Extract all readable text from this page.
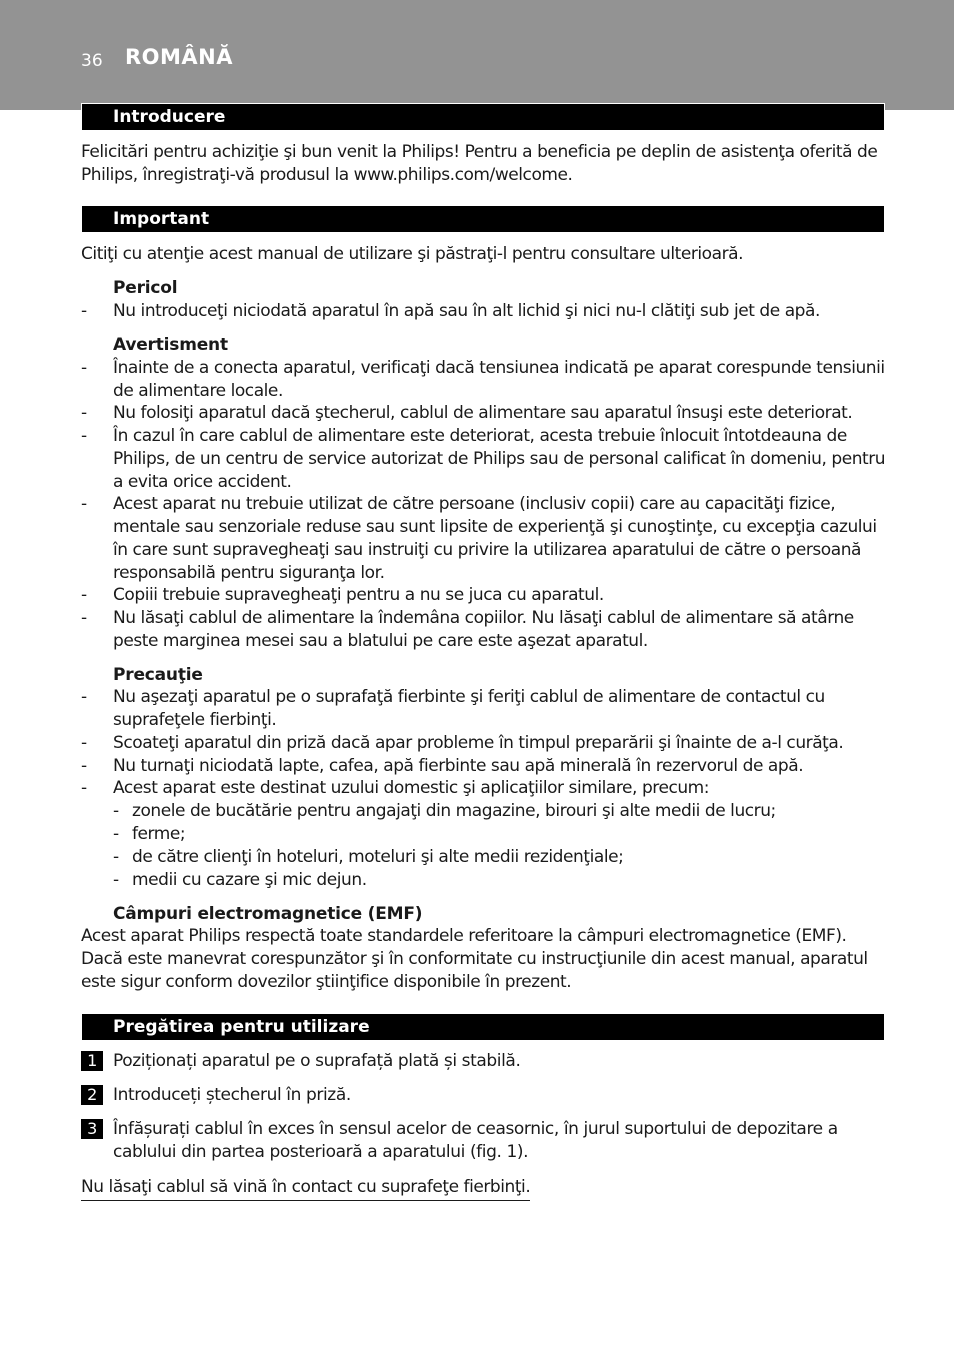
36 ROMÂNĂ
Introducere
Felicitări pentru achiziţie şi bun venit la Philips! Pentru a beneficia pe deplin de asistenţa oferită de Philips, înregistraţi-vă produsul la www.philips.com/welcome.
Important
Citiţi cu atenţie acest manual de utilizare şi păstraţi-l pentru consultare ulterioară.
Pericol
- Nu introduceţi niciodată aparatul în apă sau în alt lichid şi nici nu-l clătiţi sub jet de apă.
Avertisment
- Înainte de a conecta aparatul, verificaţi dacă tensiunea indicată pe aparat corespunde tensiunii de alimentare locale.
- Nu folosiţi aparatul dacă ştecherul, cablul de alimentare sau aparatul însuşi este deteriorat.
- În cazul în care cablul de alimentare este deteriorat, acesta trebuie înlocuit întotdeauna de Philips, de un centru de service autorizat de Philips sau de personal calificat în domeniu, pentru a evita orice accident.
- Acest aparat nu trebuie utilizat de către persoane (inclusiv copii) care au capacităţi fizice, mentale sau senzoriale reduse sau sunt lipsite de experienţă şi cunoştinţe, cu excepţia cazului în care sunt supravegheaţi sau instruiţi cu privire la utilizarea aparatului de către o persoană responsabilă pentru siguranţa lor.
- Copiii trebuie supravegheaţi pentru a nu se juca cu aparatul.
- Nu lăsaţi cablul de alimentare la îndemâna copiilor. Nu lăsaţi cablul de alimentare să atârne peste marginea mesei sau a blatului pe care este aşezat aparatul.
Precauţie
- Nu aşezaţi aparatul pe o suprafaţă fierbinte şi feriţi cablul de alimentare de contactul cu suprafeţele fierbinţi.
- Scoateţi aparatul din priză dacă apar probleme în timpul preparării şi înainte de a-l curăţa.
- Nu turnaţi niciodată lapte, cafea, apă fierbinte sau apă minerală în rezervorul de apă.
- Acest aparat este destinat uzului domestic şi aplicaţiilor similare, precum:
- zonele de bucătărie pentru angajaţi din magazine, birouri şi alte medii de lucru;
- ferme;
- de către clienţi în hoteluri, moteluri şi alte medii rezidenţiale;
- medii cu cazare şi mic dejun.
Câmpuri electromagnetice (EMF)
Acest aparat Philips respectă toate standardele referitoare la câmpuri electromagnetice (EMF). Dacă este manevrat corespunzător şi în conformitate cu instrucţiunile din acest manual, aparatul este sigur conform dovezilor ştiinţifice disponibile în prezent.
Pregătirea pentru utilizare
1 Poziționați aparatul pe o suprafață plată și stabilă.
2 Introduceți ștecherul în priză.
3 Înfășurați cablul în exces în sensul acelor de ceasornic, în jurul suportului de depozitare a cablului din partea posterioară a aparatului (fig. 1).
Nu lăsaţi cablul să vină în contact cu suprafeţe fierbinţi.
